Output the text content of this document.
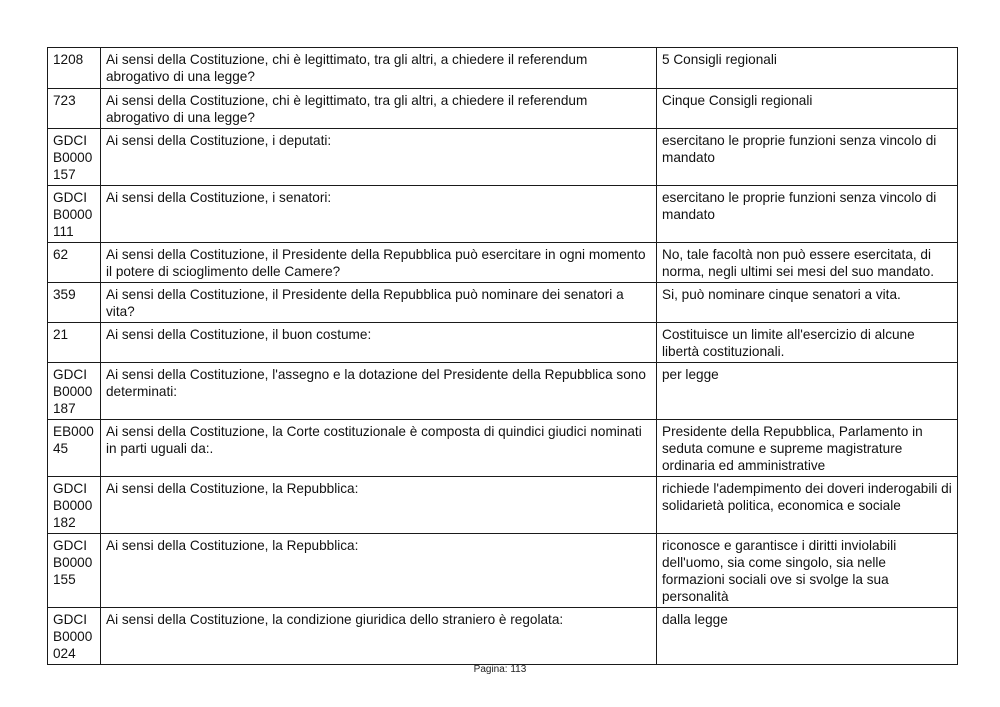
1208	Ai sensi della Costituzione, chi è legittimato, tra gli altri, a chiedere il referendum abrogativo di una legge?	5 Consigli regionali
723	Ai sensi della Costituzione, chi è legittimato, tra gli altri, a chiedere il referendum abrogativo di una legge?	Cinque Consigli regionali
GDCIB0000157	Ai sensi della Costituzione, i deputati:	esercitano le proprie funzioni senza vincolo di mandato
GDCIB0000111	Ai sensi della Costituzione, i senatori:	esercitano le proprie funzioni senza vincolo di mandato
62	Ai sensi della Costituzione, il Presidente della Repubblica può esercitare in ogni momento il potere di scioglimento delle Camere?	No, tale facoltà non può essere esercitata, di norma, negli ultimi sei mesi del suo mandato.
359	Ai sensi della Costituzione, il Presidente della Repubblica può nominare dei senatori a vita?	Si, può nominare cinque senatori a vita.
21	Ai sensi della Costituzione, il buon costume:	Costituisce un limite all'esercizio di alcune libertà costituzionali.
GDCIB0000187	Ai sensi della Costituzione, l'assegno e la dotazione del Presidente della Repubblica sono determinati:	per legge
EB00045	Ai sensi della Costituzione, la Corte costituzionale è composta di quindici giudici nominati in parti uguali da:.	Presidente della Repubblica, Parlamento in seduta comune e supreme magistrature ordinaria ed amministrative
GDCIB0000182	Ai sensi della Costituzione, la Repubblica:	richiede l'adempimento dei doveri inderogabili di solidarietà politica, economica e sociale
GDCIB0000155	Ai sensi della Costituzione, la Repubblica:	riconosce e garantisce i diritti inviolabili dell'uomo, sia come singolo, sia nelle formazioni sociali ove si svolge la sua personalità
GDCIB0000024	Ai sensi della Costituzione, la condizione giuridica dello straniero è regolata:	dalla legge
Pagina: 113
